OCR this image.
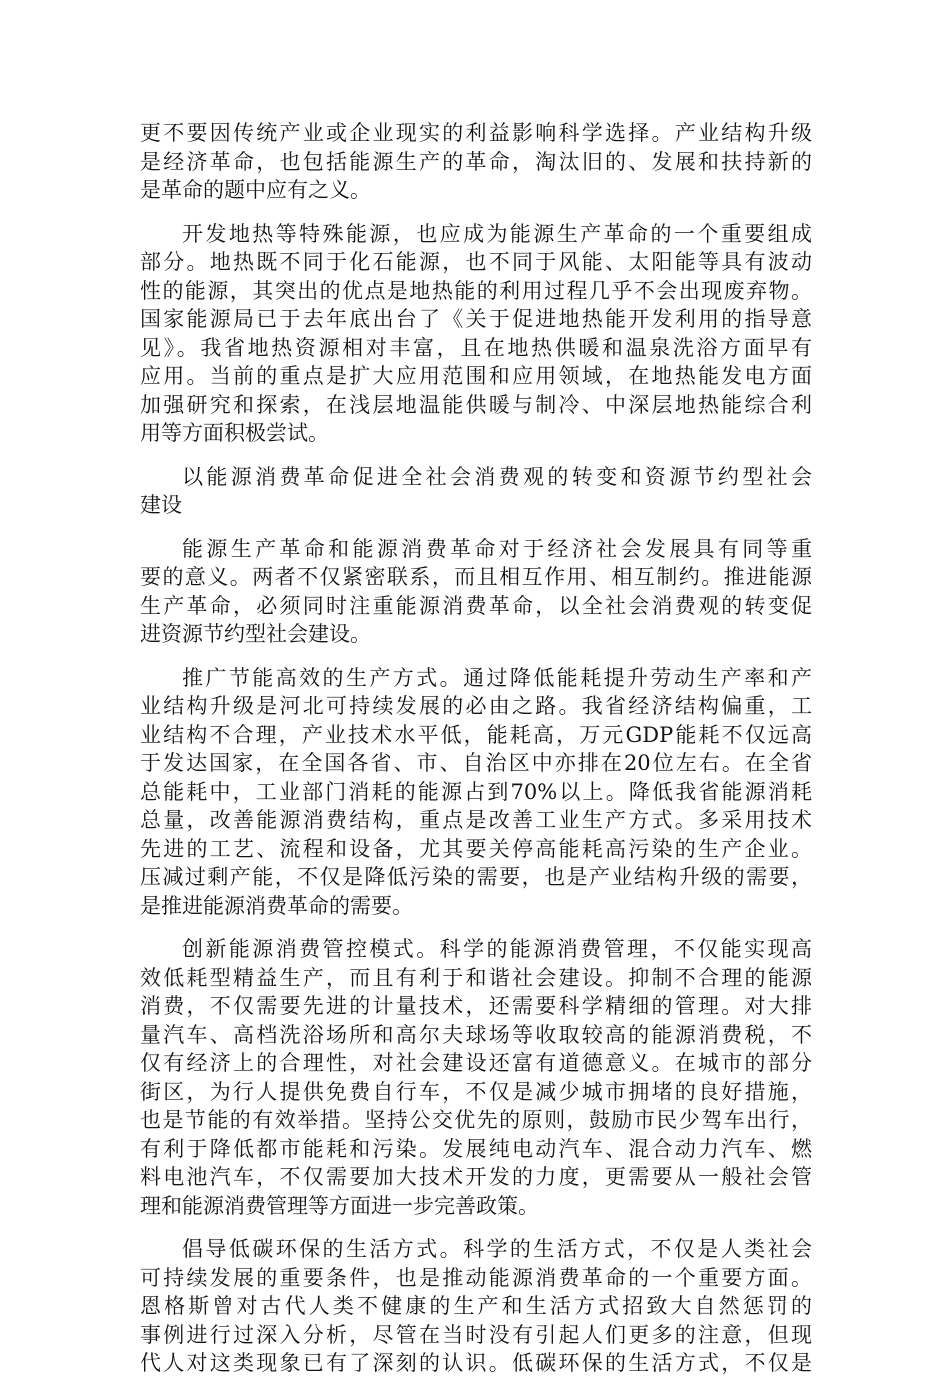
更不要因传统产业或企业现实的利益影响科学选择。产业结构升级
是经济革命，也包括能源生产的革命，淘汰旧的、发展和扶持新的
是革命的题中应有之义。
开发地热等特殊能源，也应成为能源生产革命的一个重要组成
部分。地热既不同于化石能源，也不同于风能、太阳能等具有波动
性的能源，其突出的优点是地热能的利用过程几乎不会出现废弃物。
国家能源局已于去年底出台了《关于促进地热能开发利用的指导意
见》。我省地热资源相对丰富，且在地热供暖和温泉洗浴方面早有
应用。当前的重点是扩大应用范围和应用领域，在地热能发电方面
加强研究和探索，在浅层地温能供暖与制冷、中深层地热能综合利
用等方面积极尝试。
以能源消费革命促进全社会消费观的转变和资源节约型社会
建设
能源生产革命和能源消费革命对于经济社会发展具有同等重
要的意义。两者不仅紧密联系，而且相互作用、相互制约。推进能源
生产革命，必须同时注重能源消费革命，以全社会消费观的转变促
进资源节约型社会建设。
推广节能高效的生产方式。通过降低能耗提升劳动生产率和产
业结构升级是河北可持续发展的必由之路。我省经济结构偏重，工
业结构不合理，产业技术水平低，能耗高，万元GDP能耗不仅远高
于发达国家，在全国各省、市、自治区中亦排在20位左右。在全省
总能耗中，工业部门消耗的能源占到70%以上。降低我省能源消耗
总量，改善能源消费结构，重点是改善工业生产方式。多采用技术
先进的工艺、流程和设备，尤其要关停高能耗高污染的生产企业。
压减过剩产能，不仅是降低污染的需要，也是产业结构升级的需要，
是推进能源消费革命的需要。
创新能源消费管控模式。科学的能源消费管理，不仅能实现高
效低耗型精益生产，而且有利于和谐社会建设。抑制不合理的能源
消费，不仅需要先进的计量技术，还需要科学精细的管理。对大排
量汽车、高档洗浴场所和高尔夫球场等收取较高的能源消费税，不
仅有经济上的合理性，对社会建设还富有道德意义。在城市的部分
街区，为行人提供免费自行车，不仅是减少城市拥堵的良好措施，
也是节能的有效举措。坚持公交优先的原则，鼓励市民少驾车出行，
有利于降低都市能耗和污染。发展纯电动汽车、混合动力汽车、燃
料电池汽车，不仅需要加大技术开发的力度，更需要从一般社会管
理和能源消费管理等方面进一步完善政策。
倡导低碳环保的生活方式。科学的生活方式，不仅是人类社会
可持续发展的重要条件，也是推动能源消费革命的一个重要方面。
恩格斯曾对古代人类不健康的生产和生活方式招致大自然惩罚的
事例进行过深入分析，尽管在当时没有引起人们更多的注意，但现
代人对这类现象已有了深刻的认识。低碳环保的生活方式，不仅是
